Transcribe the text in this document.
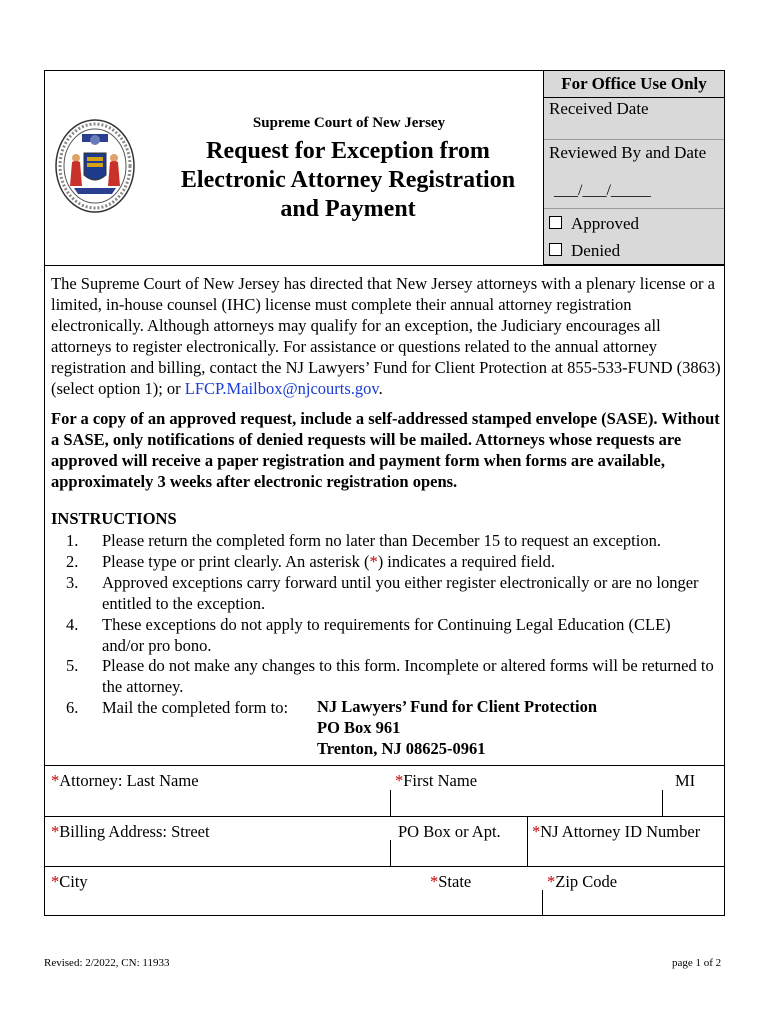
Supreme Court of New Jersey
Request for Exception from
Electronic Attorney Registration
and Payment
For Office Use Only
Received Date
Reviewed By and Date
___/___/_____
Approved
Denied

The Supreme Court of New Jersey has directed that New Jersey attorneys with a plenary license or a limited, in-house counsel (IHC) license must complete their annual attorney registration electronically. Although attorneys may qualify for an exception, the Judiciary encourages all attorneys to register electronically. For assistance or questions related to the annual attorney registration and billing, contact the NJ Lawyers’ Fund for Client Protection at 855-533-FUND (3863) (select option 1); or LFCP.Mailbox@njcourts.gov.

For a copy of an approved request, include a self-addressed stamped envelope (SASE). Without a SASE, only notifications of denied requests will be mailed. Attorneys whose requests are approved will receive a paper registration and payment form when forms are available, approximately 3 weeks after electronic registration opens.

INSTRUCTIONS
1.	Please return the completed form no later than December 15 to request an exception.
2.	Please type or print clearly. An asterisk (*) indicates a required field.
3.	Approved exceptions carry forward until you either register electronically or are no longer entitled to the exception.
4.	These exceptions do not apply to requirements for Continuing Legal Education (CLE) and/or pro bono.
5.	Please do not make any changes to this form. Incomplete or altered forms will be returned to the attorney.
6.	Mail the completed form to:	NJ Lawyers’ Fund for Client Protection
PO Box 961
Trenton, NJ 08625-0961
*Attorney: Last Name	*First Name	MI
*Billing Address: Street	PO Box or Apt. *NJ Attorney ID Number
*City	*State	*Zip Code
Revised: 2/2022, CN: 11933	page 1 of 2
